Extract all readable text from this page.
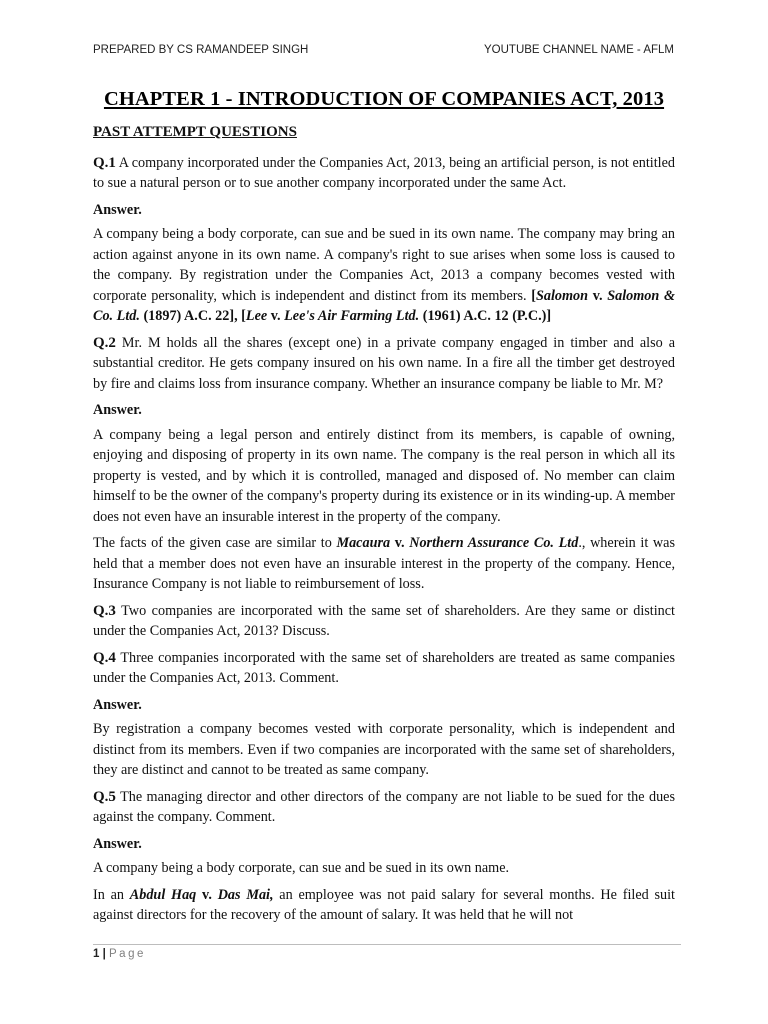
PREPARED BY CS RAMANDEEP SINGH	YOUTUBE CHANNEL NAME - AFLM
CHAPTER 1 - INTRODUCTION OF COMPANIES ACT, 2013
PAST ATTEMPT QUESTIONS

Q.1 A company incorporated under the Companies Act, 2013, being an artificial person, is not entitled to sue a natural person or to sue another company incorporated under the same Act.

Answer.

A company being a body corporate, can sue and be sued in its own name. The company may bring an action against anyone in its own name. A company's right to sue arises when some loss is caused to the company. By registration under the Companies Act, 2013 a company becomes vested with corporate personality, which is independent and distinct from its members. [Salomon v. Salomon & Co. Ltd. (1897) A.C. 22], [Lee v. Lee's Air Farming Ltd. (1961) A.C. 12 (P.C.)]

Q.2 Mr. M holds all the shares (except one) in a private company engaged in timber and also a substantial creditor. He gets company insured on his own name. In a fire all the timber get destroyed by fire and claims loss from insurance company. Whether an insurance company be liable to Mr. M?

Answer.

A company being a legal person and entirely distinct from its members, is capable of owning, enjoying and disposing of property in its own name. The company is the real person in which all its property is vested, and by which it is controlled, managed and disposed of. No member can claim himself to be the owner of the company's property during its existence or in its winding-up. A member does not even have an insurable interest in the property of the company.

The facts of the given case are similar to Macaura v. Northern Assurance Co. Ltd., wherein it was held that a member does not even have an insurable interest in the property of the company. Hence, Insurance Company is not liable to reimbursement of loss.

Q.3 Two companies are incorporated with the same set of shareholders. Are they same or distinct under the Companies Act, 2013? Discuss.

Q.4 Three companies incorporated with the same set of shareholders are treated as same companies under the Companies Act, 2013. Comment.

Answer.

By registration a company becomes vested with corporate personality, which is independent and distinct from its members. Even if two companies are incorporated with the same set of shareholders, they are distinct and cannot to be treated as same company.

Q.5 The managing director and other directors of the company are not liable to be sued for the dues against the company. Comment.

Answer.

A company being a body corporate, can sue and be sued in its own name.

In an Abdul Haq v. Das Mai, an employee was not paid salary for several months. He filed suit against directors for the recovery of the amount of salary. It was held that he will not

1 | Page
